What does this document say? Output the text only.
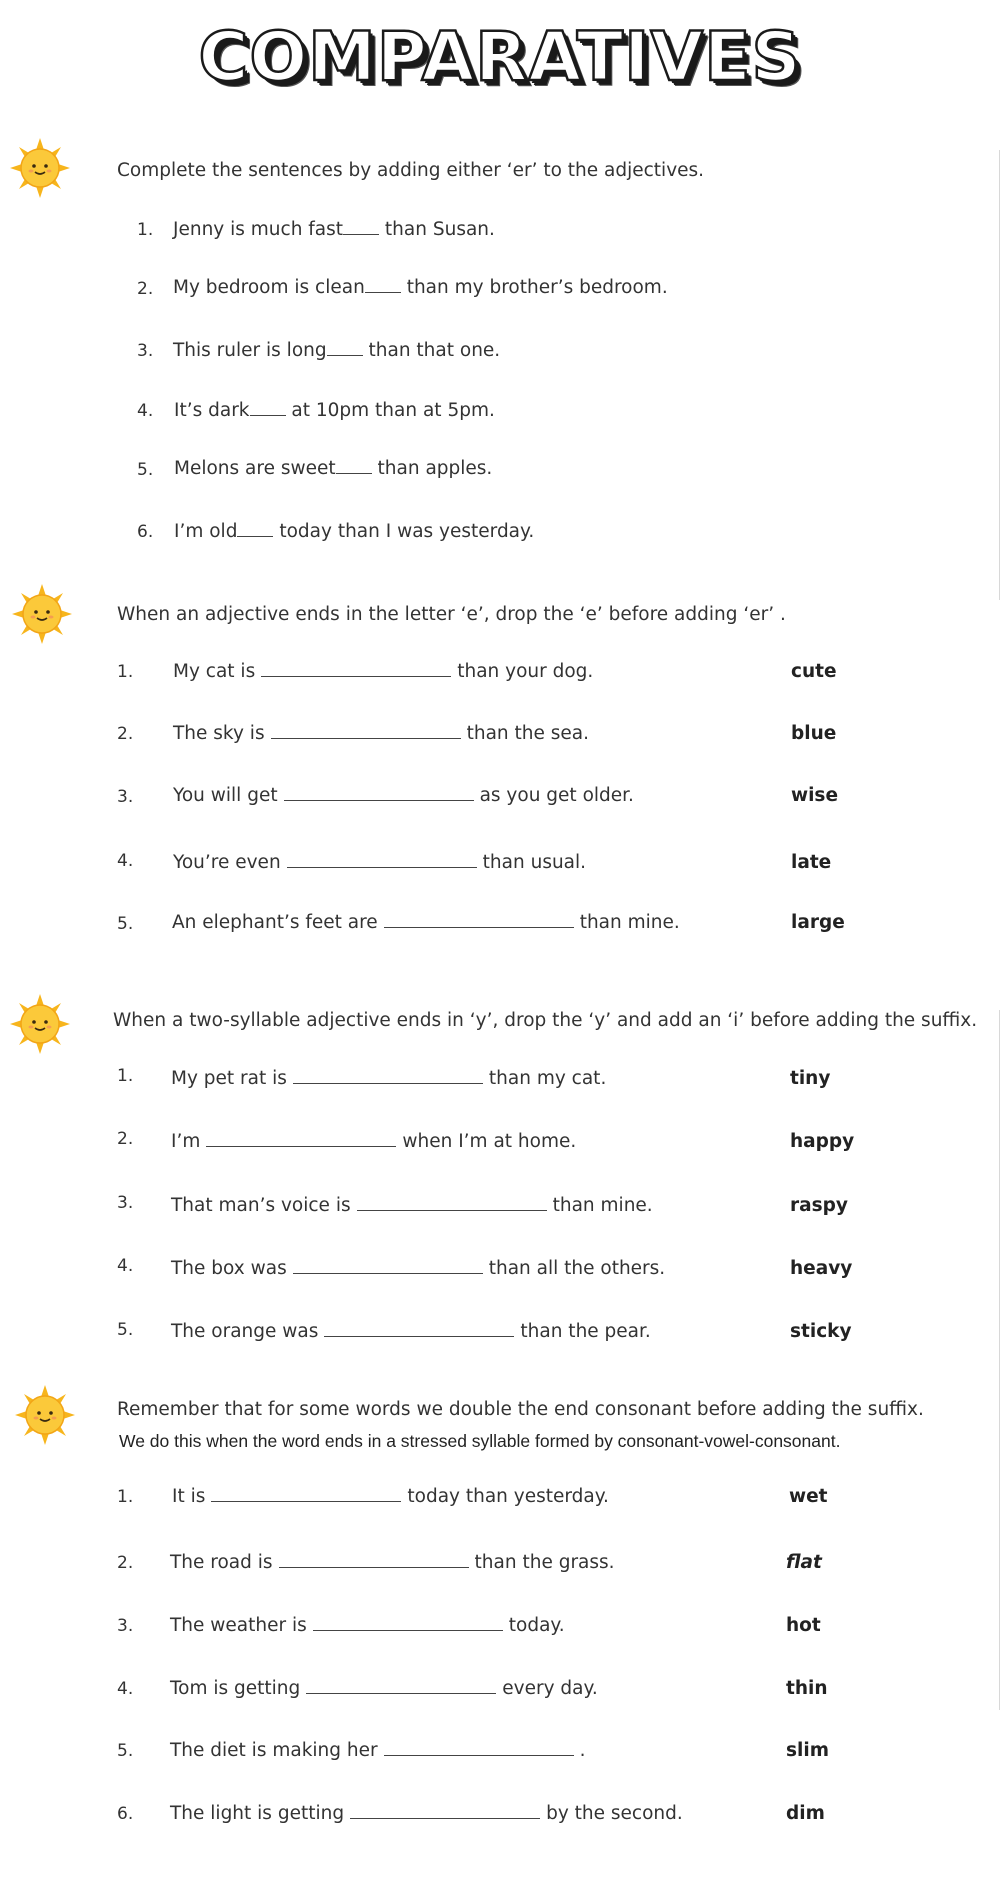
COMPARATIVES
Complete the sentences by adding either ‘er’ to the adjectives.
1. Jenny is much fast than Susan.
2. My bedroom is clean than my brother’s bedroom.
3. This ruler is long than that one.
4. It’s dark at 10pm than at 5pm.
5. Melons are sweet than apples.
6. I’m old today than I was yesterday.
When an adjective ends in the letter ‘e’, drop the ‘e’ before adding ‘er’ .
1. My cat is	than your dog.	cute
2. The sky is	than the sea.	blue
3. You will get	as you get older.	wise
4. You’re even	than usual.	late
5. An elephant’s feet are	than mine.	large
When a two-syllable adjective ends in ‘y’, drop the ‘y’ and add an ‘i’ before adding the suffix.
1. My pet rat is	than my cat.	tiny
2. I’m	when I’m at home.	happy
3. That man’s voice is	than mine.	raspy
4. The box was	than all the others.	heavy
5. The orange was	than the pear.	sticky
Remember that for some words we double the end consonant before adding the suffix.
We do this when the word ends in a stressed syllable formed by consonant-vowel-consonant.
1. It is	today than yesterday.	wet
2. The road is	than the grass.	flat
3. The weather is	today.	hot
4. Tom is getting	every day.	thin
5. The diet is making her	.	slim
6. The light is getting	by the second.	dim
